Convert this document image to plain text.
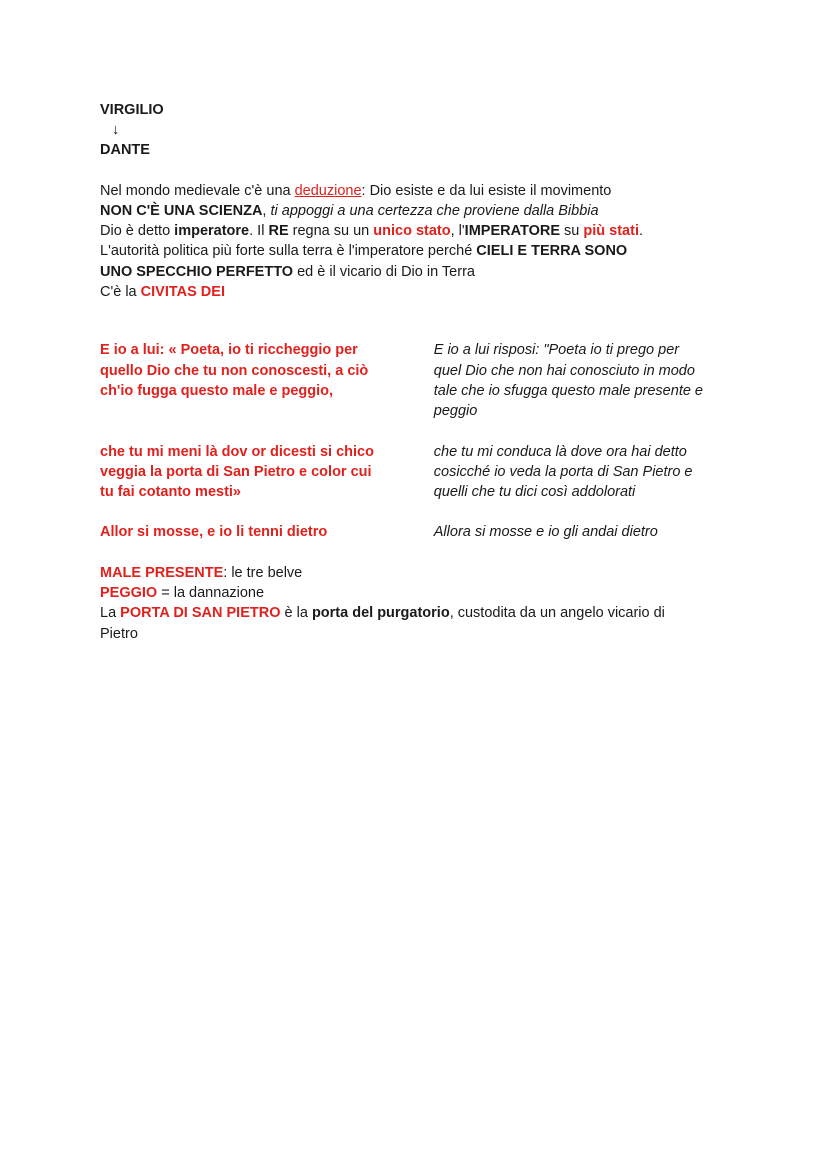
VIRGILIO
↓
DANTE
Nel mondo medievale c'è una deduzione: Dio esiste e da lui esiste il movimento
NON C'È UNA SCIENZA, ti appoggi a una certezza che proviene dalla Bibbia
Dio è detto imperatore. Il RE regna su un unico stato, l'IMPERATORE su più stati.
L'autorità politica più forte sulla terra è l'imperatore perché CIELI E TERRA SONO
UNO SPECCHIO PERFETTO ed è il vicario di Dio in Terra
C'è la CIVITAS DEI
E io a lui: « Poeta, io ti riccheggio per
quello Dio che tu non conoscesti, a ciò
ch'io fugga questo male e peggio,
E io a lui risposi: "Poeta io ti prego per
quel Dio che non hai conosciuto in modo
tale che io sfugga questo male presente e
peggio
che tu mi meni là dov or dicesti si chico
veggia la porta di San Pietro e color cui
tu fai cotanto mesti»
che tu mi conduca là dove ora hai detto
cosicché io veda la porta di San Pietro e
quelli che tu dici così addolorati
Allor si mosse, e io li tenni dietro	Allora si mosse e io gli andai dietro
MALE PRESENTE: le tre belve
PEGGIO = la dannazione
La PORTA DI SAN PIETRO è la porta del purgatorio, custodita da un angelo vicario di
Pietro
